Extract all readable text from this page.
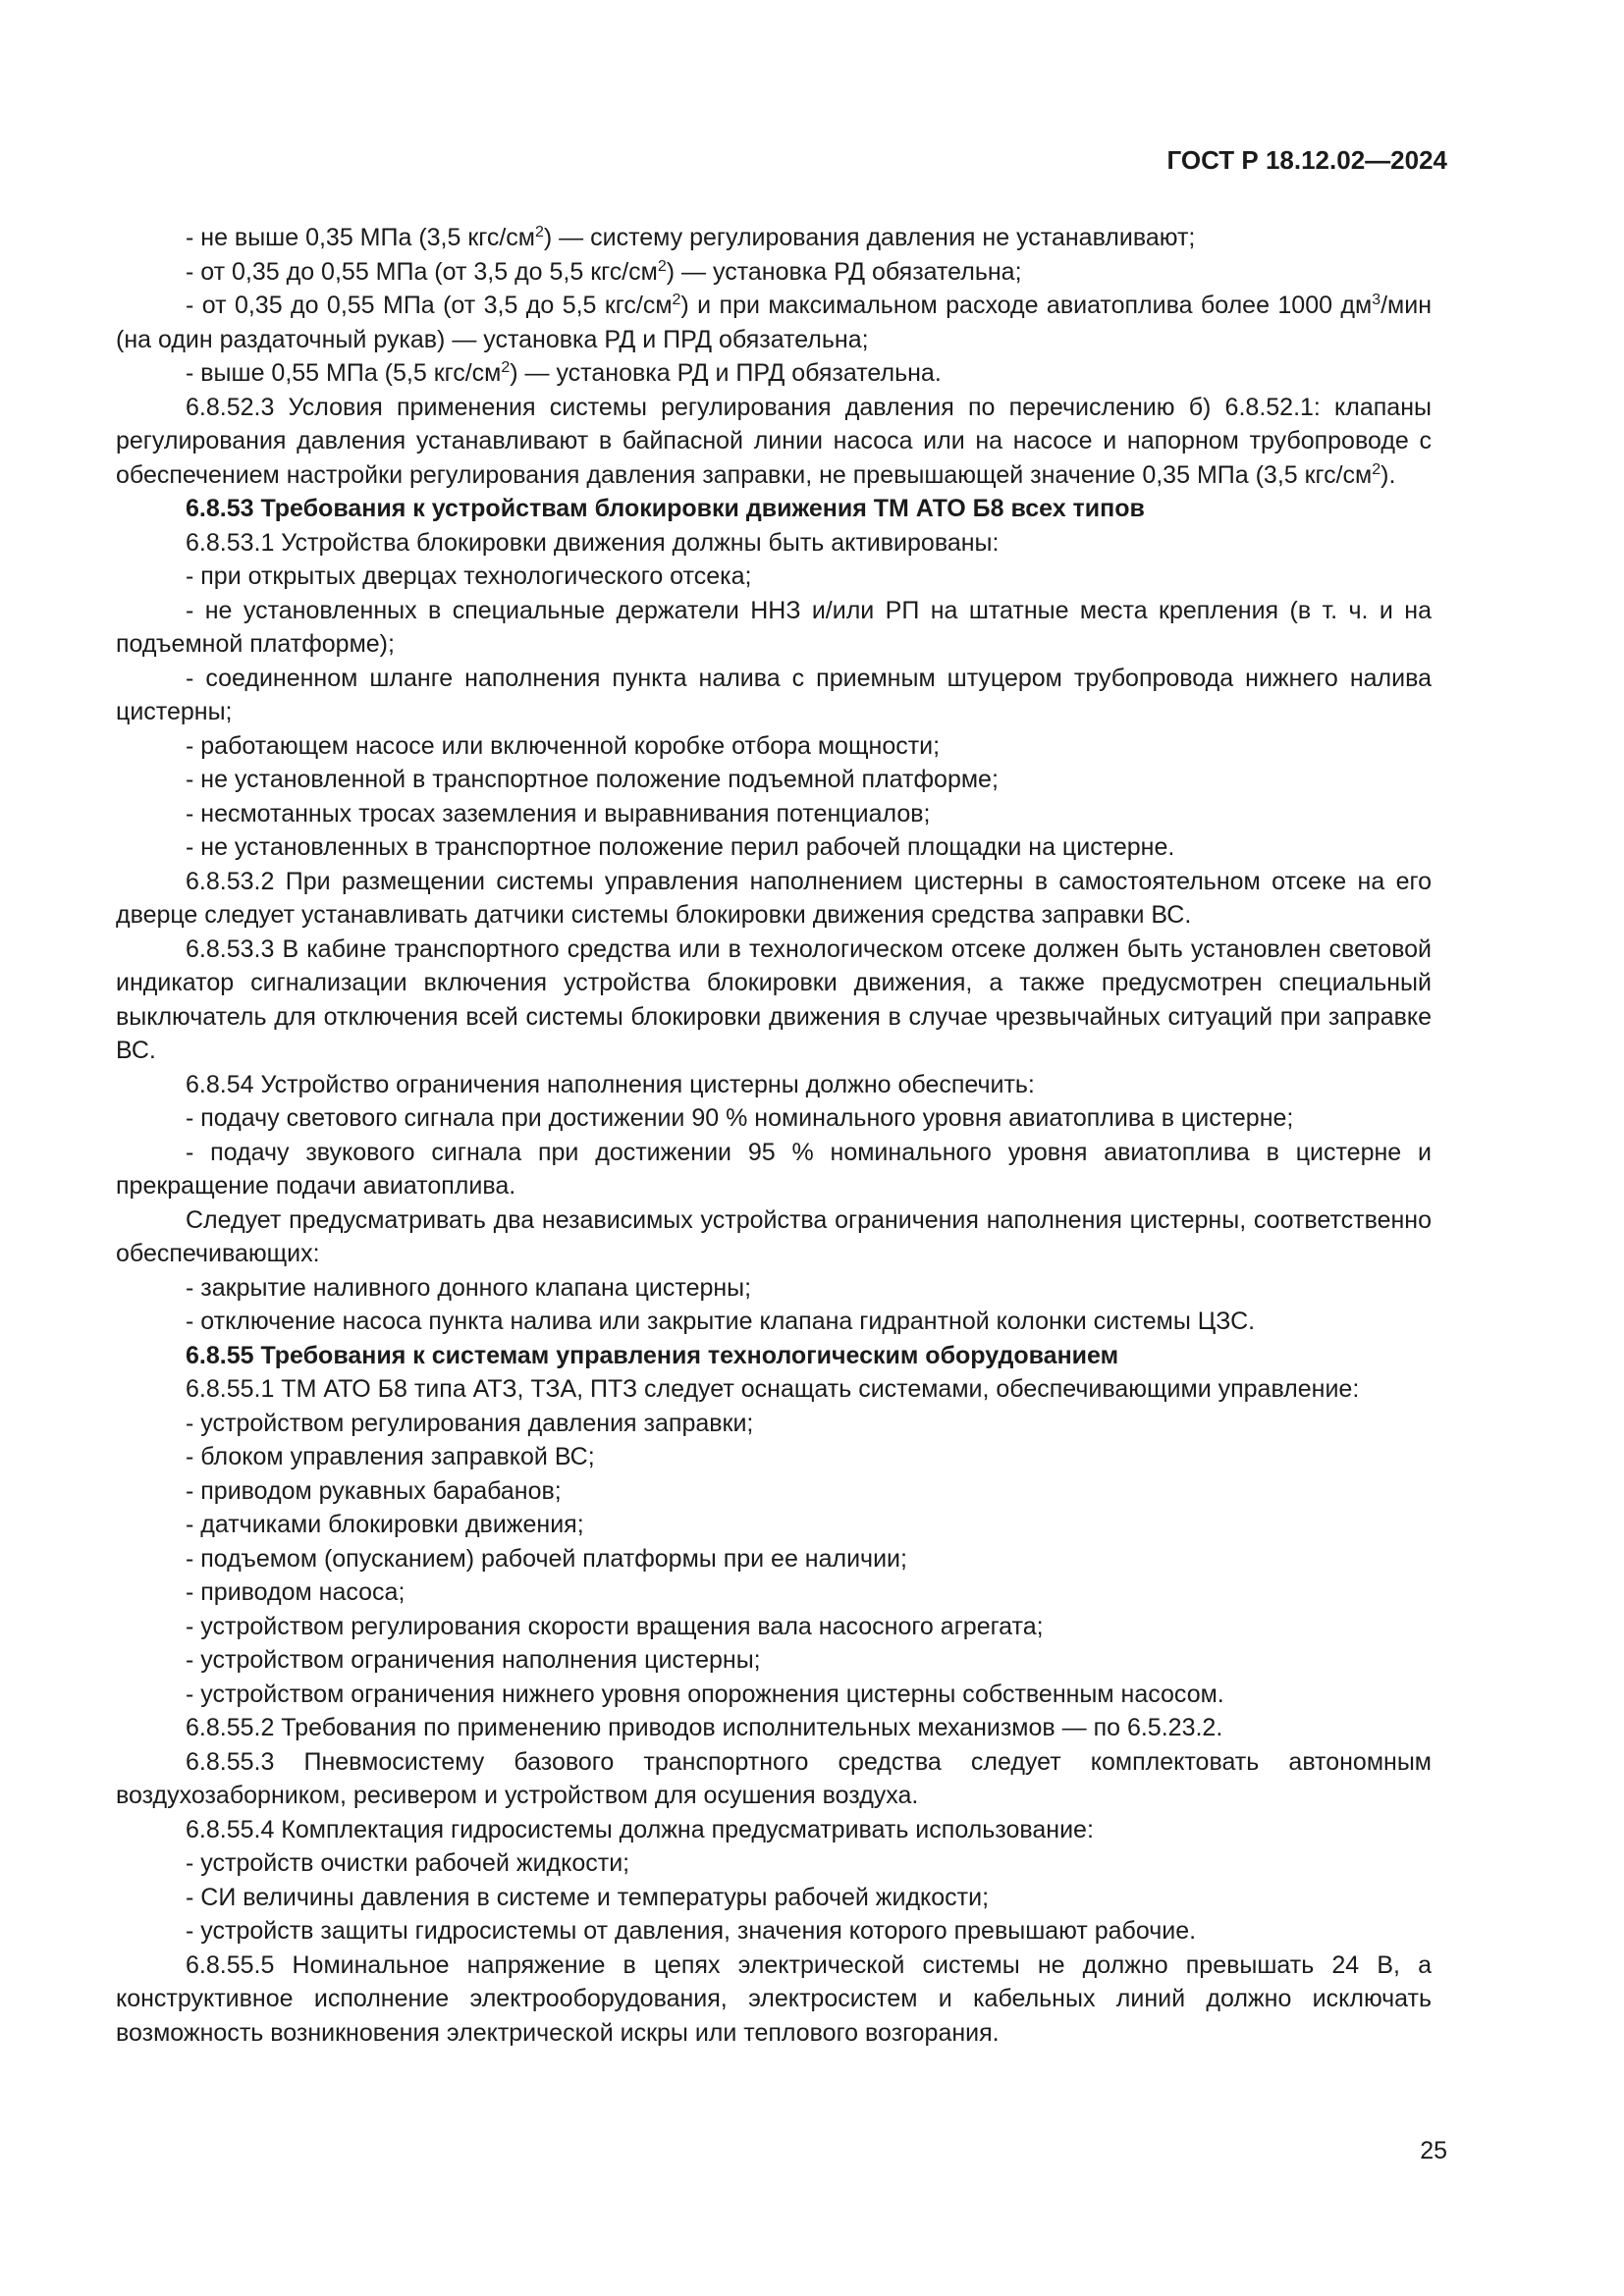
ГОСТ Р 18.12.02—2024

- не выше 0,35 МПа (3,5 кгс/$см^2$) — систему регулирования давления не устанавливают;

- от 0,35 до 0,55 МПа (от 3,5 до 5,5 кгс/$см^2$) — установка РД обязательна;

- от 0,35 до 0,55 МПа (от 3,5 до 5,5 кгс/$см^2$) и при максимальном расходе авиатоплива более 1000 $дм^3$/мин (на один раздаточный рукав) — установка РД и ПРД обязательна;

- выше 0,55 МПа (5,5 кгс/$см^2$) — установка РД и ПРД обязательна.

6.8.52.3 Условия применения системы регулирования давления по перечислению б) 6.8.52.1: клапаны регулирования давления устанавливают в байпасной линии насоса или на насосе и напорном трубопроводе с обеспечением настройки регулирования давления заправки, не превышающей значение 0,35 МПа (3,5 кгс/$см^2$).

6.8.53 Требования к устройствам блокировки движения ТМ АТО Б8 всех типов

6.8.53.1 Устройства блокировки движения должны быть активированы:

- при открытых дверцах технологического отсека;

- не установленных в специальные держатели ННЗ и/или РП на штатные места крепления (в т. ч. и на подъемной платформе);

- соединенном шланге наполнения пункта налива с приемным штуцером трубопровода нижнего налива цистерны;

- работающем насосе или включенной коробке отбора мощности;

- не установленной в транспортное положение подъемной платформе;

- несмотанных тросах заземления и выравнивания потенциалов;

- не установленных в транспортное положение перил рабочей площадки на цистерне.

6.8.53.2 При размещении системы управления наполнением цистерны в самостоятельном отсеке на его дверце следует устанавливать датчики системы блокировки движения средства заправки ВС.

6.8.53.3 В кабине транспортного средства или в технологическом отсеке должен быть установлен световой индикатор сигнализации включения устройства блокировки движения, а также предусмотрен специальный выключатель для отключения всей системы блокировки движения в случае чрезвычайных ситуаций при заправке ВС.

6.8.54 Устройство ограничения наполнения цистерны должно обеспечить:

- подачу светового сигнала при достижении 90 % номинального уровня авиатоплива в цистерне;

- подачу звукового сигнала при достижении 95 % номинального уровня авиатоплива в цистерне и прекращение подачи авиатоплива.

Следует предусматривать два независимых устройства ограничения наполнения цистерны, соответственно обеспечивающих:

- закрытие наливного донного клапана цистерны;

- отключение насоса пункта налива или закрытие клапана гидрантной колонки системы ЦЗС.

6.8.55 Требования к системам управления технологическим оборудованием

6.8.55.1 ТМ АТО Б8 типа АТЗ, ТЗА, ПТЗ следует оснащать системами, обеспечивающими управление:

- устройством регулирования давления заправки;

- блоком управления заправкой ВС;

- приводом рукавных барабанов;

- датчиками блокировки движения;

- подъемом (опусканием) рабочей платформы при ее наличии;

- приводом насоса;

- устройством регулирования скорости вращения вала насосного агрегата;

- устройством ограничения наполнения цистерны;

- устройством ограничения нижнего уровня опорожнения цистерны собственным насосом.

6.8.55.2 Требования по применению приводов исполнительных механизмов — по 6.5.23.2.

6.8.55.3 Пневмосистему базового транспортного средства следует комплектовать автономным воздухозаборником, ресивером и устройством для осушения воздуха.

6.8.55.4 Комплектация гидросистемы должна предусматривать использование:

- устройств очистки рабочей жидкости;

- СИ величины давления в системе и температуры рабочей жидкости;

- устройств защиты гидросистемы от давления, значения которого превышают рабочие.

6.8.55.5 Номинальное напряжение в цепях электрической системы не должно превышать 24 В, а конструктивное исполнение электрооборудования, электросистем и кабельных линий должно исключать возможность возникновения электрической искры или теплового возгорания.

25
